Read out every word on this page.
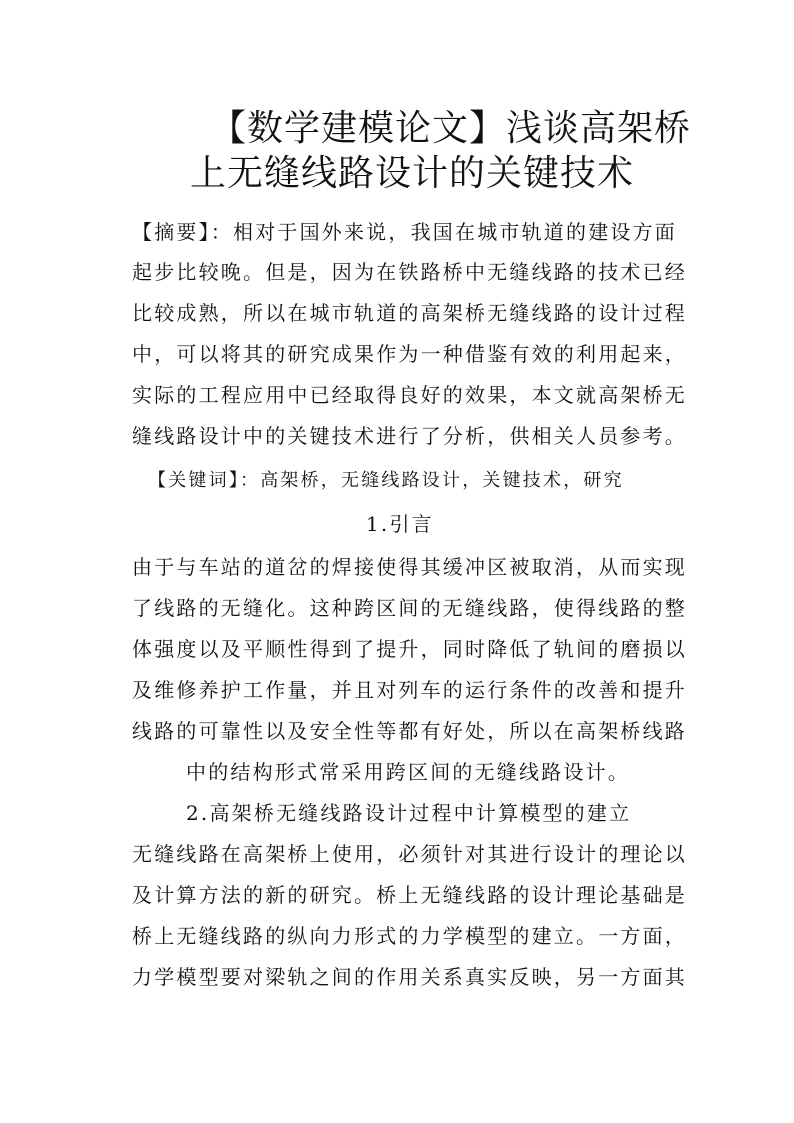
【数学建模论文】浅谈高架桥
上无缝线路设计的关键技术
【摘要】：相对于国外来说，我国在城市轨道的建设方面
起步比较晚。但是，因为在铁路桥中无缝线路的技术已经
比较成熟，所以在城市轨道的高架桥无缝线路的设计过程
中，可以将其的研究成果作为一种借鉴有效的利用起来，
实际的工程应用中已经取得良好的效果，本文就高架桥无
缝线路设计中的关键技术进行了分析，供相关人员参考。
【关键词】：高架桥，无缝线路设计，关键技术，研究
1.引言
由于与车站的道岔的焊接使得其缓冲区被取消，从而实现
了线路的无缝化。这种跨区间的无缝线路，使得线路的整
体强度以及平顺性得到了提升，同时降低了轨间的磨损以
及维修养护工作量，并且对列车的运行条件的改善和提升
线路的可靠性以及安全性等都有好处，所以在高架桥线路
中的结构形式常采用跨区间的无缝线路设计。
2.高架桥无缝线路设计过程中计算模型的建立
无缝线路在高架桥上使用，必须针对其进行设计的理论以
及计算方法的新的研究。桥上无缝线路的设计理论基础是
桥上无缝线路的纵向力形式的力学模型的建立。一方面，
力学模型要对梁轨之间的作用关系真实反映，另一方面其
